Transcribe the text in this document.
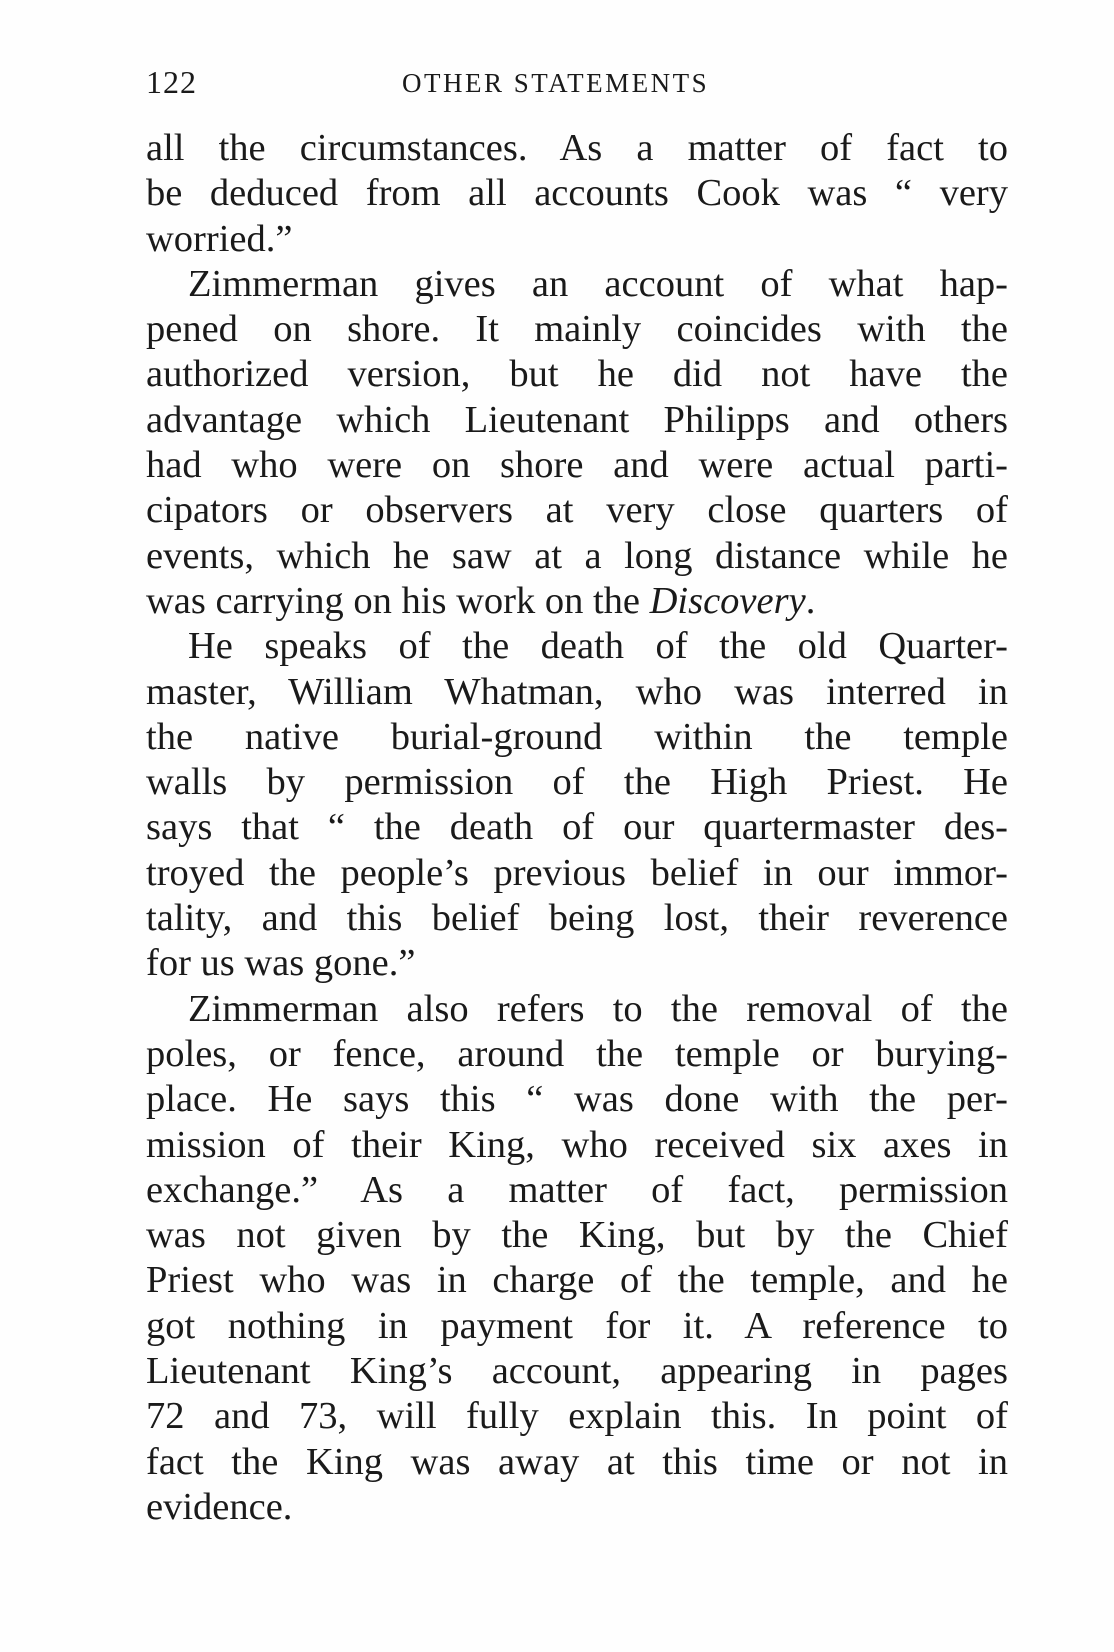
122	OTHER STATEMENTS
all the circumstances. As a matter of fact to
be deduced from all accounts Cook was “ very
worried.”
Zimmerman gives an account of what hap-
pened on shore. It mainly coincides with the
authorized version, but he did not have the
advantage which Lieutenant Philipps and others
had who were on shore and were actual parti-
cipators or observers at very close quarters of
events, which he saw at a long distance while he
was carrying on his work on the Discovery.
He speaks of the death of the old Quarter-
master, William Whatman, who was interred in
the native burial-ground within the temple
walls by permission of the High Priest. He
says that “ the death of our quartermaster des-
troyed the people’s previous belief in our immor-
tality, and this belief being lost, their reverence
for us was gone.”
Zimmerman also refers to the removal of the
poles, or fence, around the temple or burying-
place. He says this “ was done with the per-
mission of their King, who received six axes in
exchange.” As a matter of fact, permission
was not given by the King, but by the Chief
Priest who was in charge of the temple, and he
got nothing in payment for it. A reference to
Lieutenant King’s account, appearing in pages
72 and 73, will fully explain this. In point of
fact the King was away at this time or not in
evidence.
